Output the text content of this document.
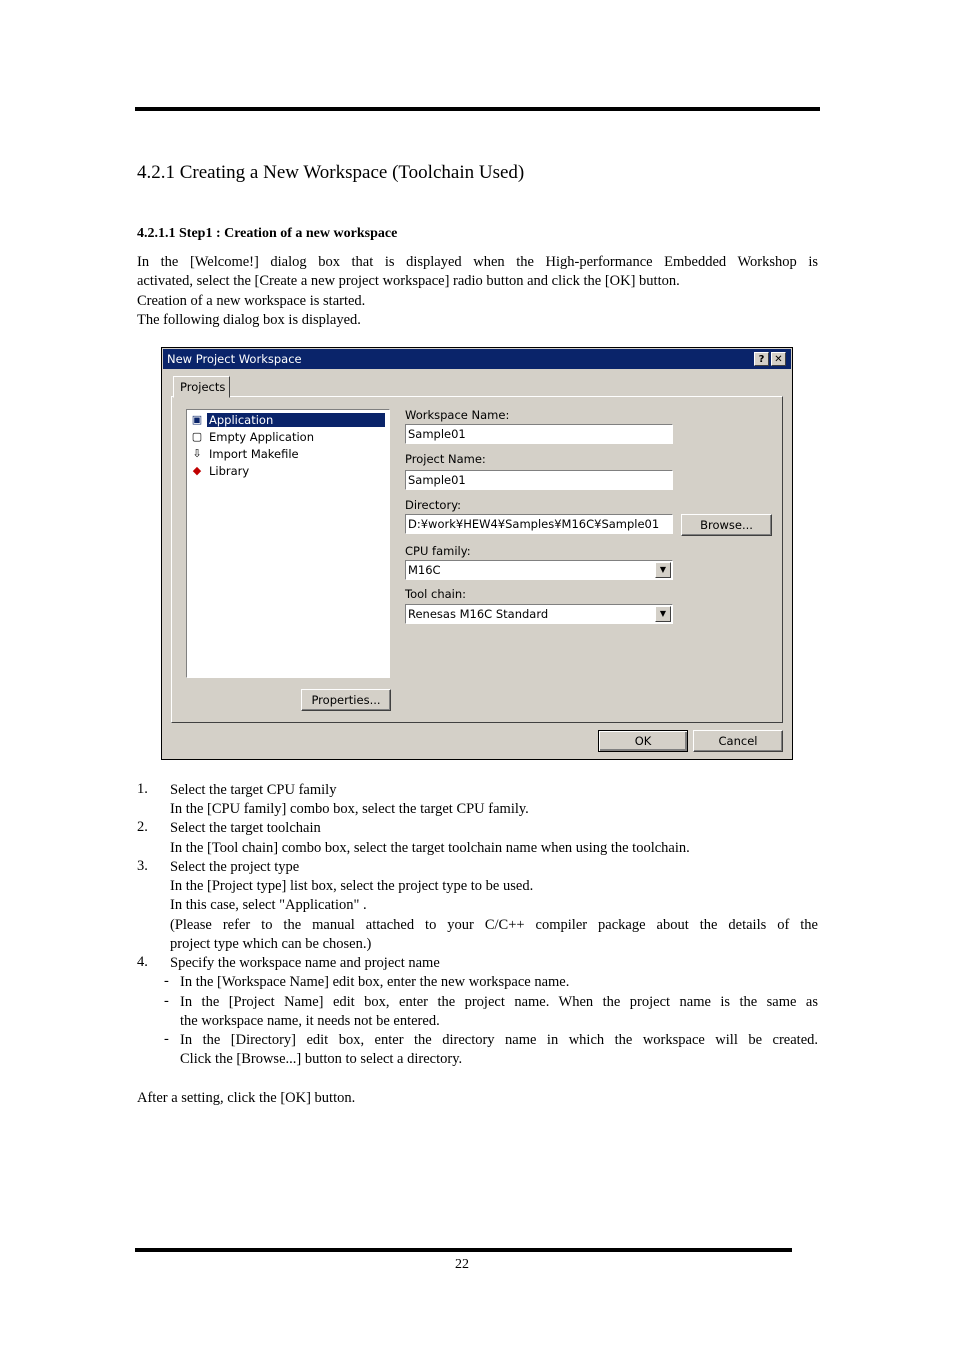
4.2.1 Creating a New Workspace (Toolchain Used)
4.2.1.1 Step1 : Creation of a new workspace
In the [Welcome!] dialog box that is displayed when the High-performance Embedded Workshop is
activated, select the [Create a new project workspace] radio button and click the [OK] button.
Creation of a new workspace is started.
The following dialog box is displayed.
New Project Workspace	? ✕
Projects
▣ Application
▢ Empty Application
⇩ Import Makefile
◆ Library
Workspace Name:
Sample01
Project Name:
Sample01
Directory:
D:¥work¥HEW4¥Samples¥M16C¥Sample01	Browse...
CPU family:
M16C	▼
Tool chain:
Renesas M16C Standard	▼
Properties...
OK	Cancel
1. Select the target CPU family
In the [CPU family] combo box, select the target CPU family.
2. Select the target toolchain
In the [Tool chain] combo box, select the target toolchain name when using the toolchain.
3. Select the project type
In the [Project type] list box, select the project type to be used.
In this case, select "Application" .
(Please refer to the manual attached to your C/C++ compiler package about the details of the
project type which can be chosen.)
4. Specify the workspace name and project name
- In the [Workspace Name] edit box, enter the new workspace name.
- In the [Project Name] edit box, enter the project name. When the project name is the same as
the workspace name, it needs not be entered.
- In the [Directory] edit box, enter the directory name in which the workspace will be created.
Click the [Browse...] button to select a directory.
After a setting, click the [OK] button.
22
